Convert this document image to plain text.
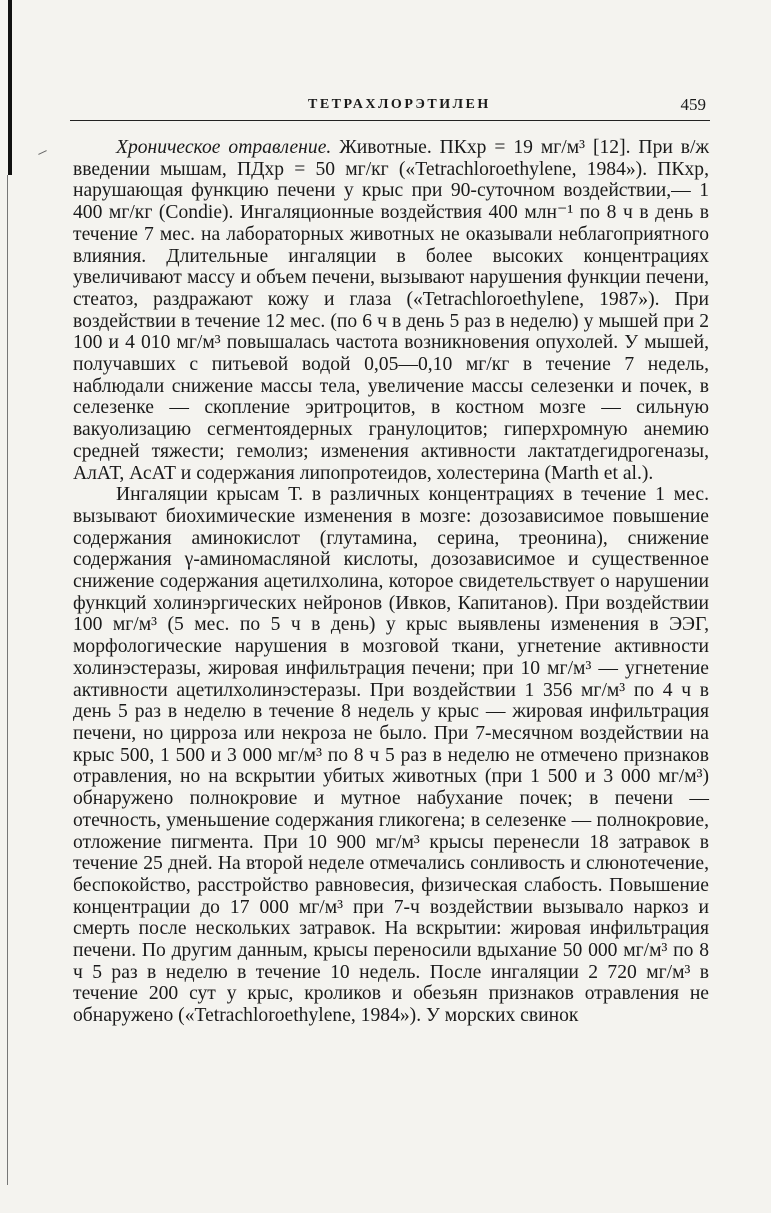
ТЕТРАХЛОРЭТИЛЕН	459

Хроническое отравление. Животные. ПКхр = 19 мг/м³ [12]. При в/ж введении мышам, ПДхр = 50 мг/кг («Tetrachloroethylene, 1984»). ПКхр, нарушающая функцию печени у крыс при 90-суточном воздействии,— 1 400 мг/кг (Condie). Ингаляционные воздействия 400 млн⁻¹ по 8 ч в день в течение 7 мес. на лабораторных животных не оказывали неблагоприятного влияния. Длительные ингаляции в более высоких концентрациях увеличивают массу и объем печени, вызывают нарушения функции печени, стеатоз, раздражают кожу и глаза («Tetrachloroethylene, 1987»). При воздействии в течение 12 мес. (по 6 ч в день 5 раз в неделю) у мышей при 2 100 и 4 010 мг/м³ повышалась частота возникновения опухолей. У мышей, получавших с питьевой водой 0,05—0,10 мг/кг в течение 7 недель, наблюдали снижение массы тела, увеличение массы селезенки и почек, в селезенке — скопление эритроцитов, в костном мозге — сильную вакуолизацию сегментоядерных гранулоцитов; гиперхромную анемию средней тяжести; гемолиз; изменения активности лактатдегидрогеназы, АлАТ, АсАТ и содержания липопротеидов, холестерина (Marth et al.).

Ингаляции крысам Т. в различных концентрациях в течение 1 мес. вызывают биохимические изменения в мозге: дозозависимое повышение содержания аминокислот (глутамина, серина, треонина), снижение содержания γ-аминомасляной кислоты, дозозависимое и существенное снижение содержания ацетилхолина, которое свидетельствует о нарушении функций холинэргических нейронов (Ивков, Капитанов). При воздействии 100 мг/м³ (5 мес. по 5 ч в день) у крыс выявлены изменения в ЭЭГ, морфологические нарушения в мозговой ткани, угнетение активности холинэстеразы, жировая инфильтрация печени; при 10 мг/м³ — угнетение активности ацетилхолинэстеразы. При воздействии 1 356 мг/м³ по 4 ч в день 5 раз в неделю в течение 8 недель у крыс — жировая инфильтрация печени, но цирроза или некроза не было. При 7-месячном воздействии на крыс 500, 1 500 и 3 000 мг/м³ по 8 ч 5 раз в неделю не отмечено признаков отравления, но на вскрытии убитых животных (при 1 500 и 3 000 мг/м³) обнаружено полнокровие и мутное набухание почек; в печени — отечность, уменьшение содержания гликогена; в селезенке — полнокровие, отложение пигмента. При 10 900 мг/м³ крысы перенесли 18 затравок в течение 25 дней. На второй неделе отмечались сонливость и слюнотечение, беспокойство, расстройство равновесия, физическая слабость. Повышение концентрации до 17 000 мг/м³ при 7-ч воздействии вызывало наркоз и смерть после нескольких затравок. На вскрытии: жировая инфильтрация печени. По другим данным, крысы переносили вдыхание 50 000 мг/м³ по 8 ч 5 раз в неделю в течение 10 недель. После ингаляции 2 720 мг/м³ в течение 200 сут у крыс, кроликов и обезьян признаков отравления не обнаружено («Tetrachloroethylene, 1984»). У морских свинок
